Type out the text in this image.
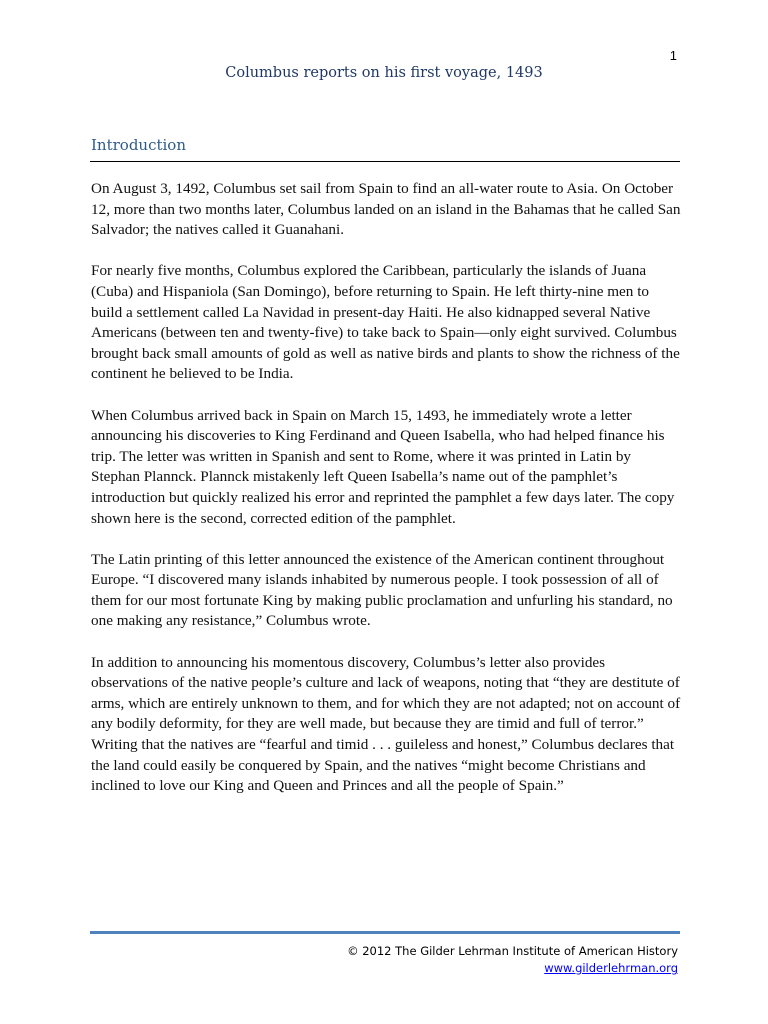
1
Columbus reports on his first voyage, 1493
Introduction

On August 3, 1492, Columbus set sail from Spain to find an all-water route to Asia. On October 12, more than two months later, Columbus landed on an island in the Bahamas that he called San Salvador; the natives called it Guanahani.

For nearly five months, Columbus explored the Caribbean, particularly the islands of Juana (Cuba) and Hispaniola (San Domingo), before returning to Spain. He left thirty-nine men to build a settlement called La Navidad in present-day Haiti. He also kidnapped several Native Americans (between ten and twenty-five) to take back to Spain—only eight survived. Columbus brought back small amounts of gold as well as native birds and plants to show the richness of the continent he believed to be India.

When Columbus arrived back in Spain on March 15, 1493, he immediately wrote a letter announcing his discoveries to King Ferdinand and Queen Isabella, who had helped finance his trip. The letter was written in Spanish and sent to Rome, where it was printed in Latin by Stephan Plannck. Plannck mistakenly left Queen Isabella’s name out of the pamphlet’s introduction but quickly realized his error and reprinted the pamphlet a few days later. The copy shown here is the second, corrected edition of the pamphlet.

The Latin printing of this letter announced the existence of the American continent throughout Europe. “I discovered many islands inhabited by numerous people. I took possession of all of them for our most fortunate King by making public proclamation and unfurling his standard, no one making any resistance,” Columbus wrote.

In addition to announcing his momentous discovery, Columbus’s letter also provides observations of the native people’s culture and lack of weapons, noting that “they are destitute of arms, which are entirely unknown to them, and for which they are not adapted; not on account of any bodily deformity, for they are well made, but because they are timid and full of terror.” Writing that the natives are “fearful and timid . . . guileless and honest,” Columbus declares that the land could easily be conquered by Spain, and the natives “might become Christians and inclined to love our King and Queen and Princes and all the people of Spain.”

© 2012 The Gilder Lehrman Institute of American History
www.gilderlehrman.org
